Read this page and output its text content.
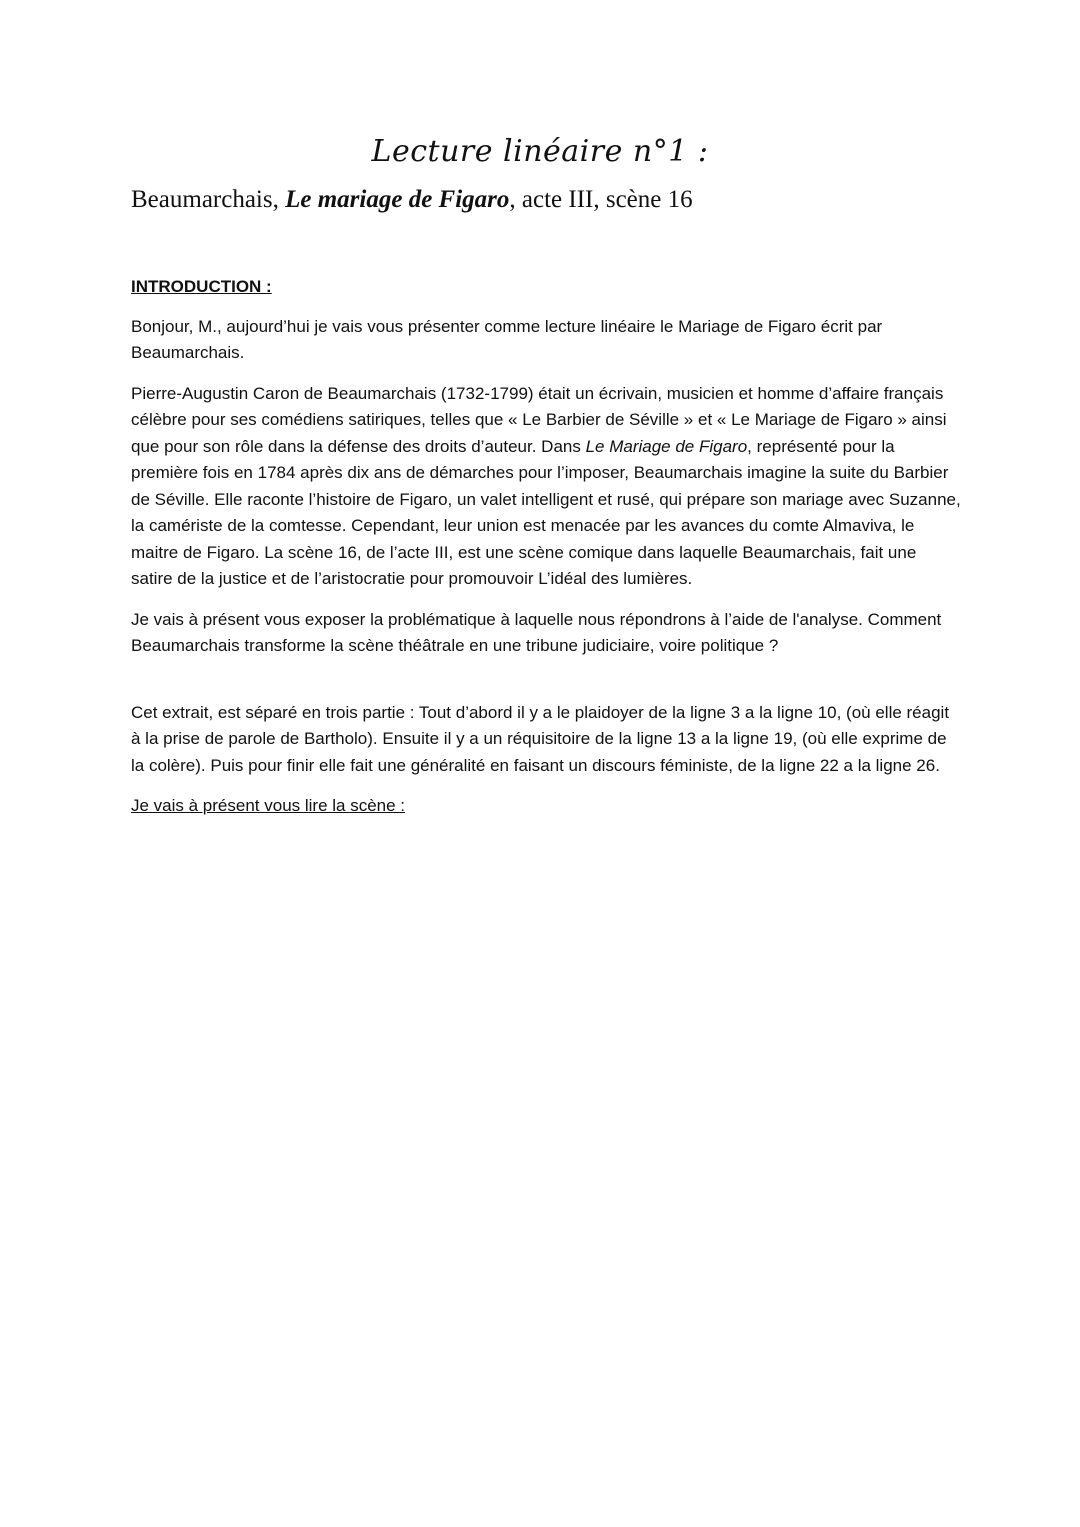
Lecture linéaire n°1 :
Beaumarchais, Le mariage de Figaro, acte III, scène 16
INTRODUCTION :

Bonjour, M., aujourd’hui je vais vous présenter comme lecture linéaire le Mariage de Figaro écrit par Beaumarchais.

Pierre-Augustin Caron de Beaumarchais (1732-1799) était un écrivain, musicien et homme d’affaire français célèbre pour ses comédiens satiriques, telles que « Le Barbier de Séville » et « Le Mariage de Figaro » ainsi que pour son rôle dans la défense des droits d’auteur. Dans Le Mariage de Figaro, représenté pour la première fois en 1784 après dix ans de démarches pour l’imposer, Beaumarchais imagine la suite du Barbier de Séville. Elle raconte l’histoire de Figaro, un valet intelligent et rusé, qui prépare son mariage avec Suzanne, la camériste de la comtesse. Cependant, leur union est menacée par les avances du comte Almaviva, le maitre de Figaro. La scène 16, de l’acte III, est une scène comique dans laquelle Beaumarchais, fait une satire de la justice et de l’aristocratie pour promouvoir L’idéal des lumières.

Je vais à présent vous exposer la problématique à laquelle nous répondrons à l’aide de l'analyse. Comment Beaumarchais transforme la scène théâtrale en une tribune judiciaire, voire politique ?

Cet extrait, est séparé en trois partie : Tout d’abord il y a le plaidoyer de la ligne 3 a la ligne 10, (où elle réagit à la prise de parole de Bartholo). Ensuite il y a un réquisitoire de la ligne 13 a la ligne 19, (où elle exprime de la colère). Puis pour finir elle fait une généralité en faisant un discours féministe, de la ligne 22 a la ligne 26.

Je vais à présent vous lire la scène :
